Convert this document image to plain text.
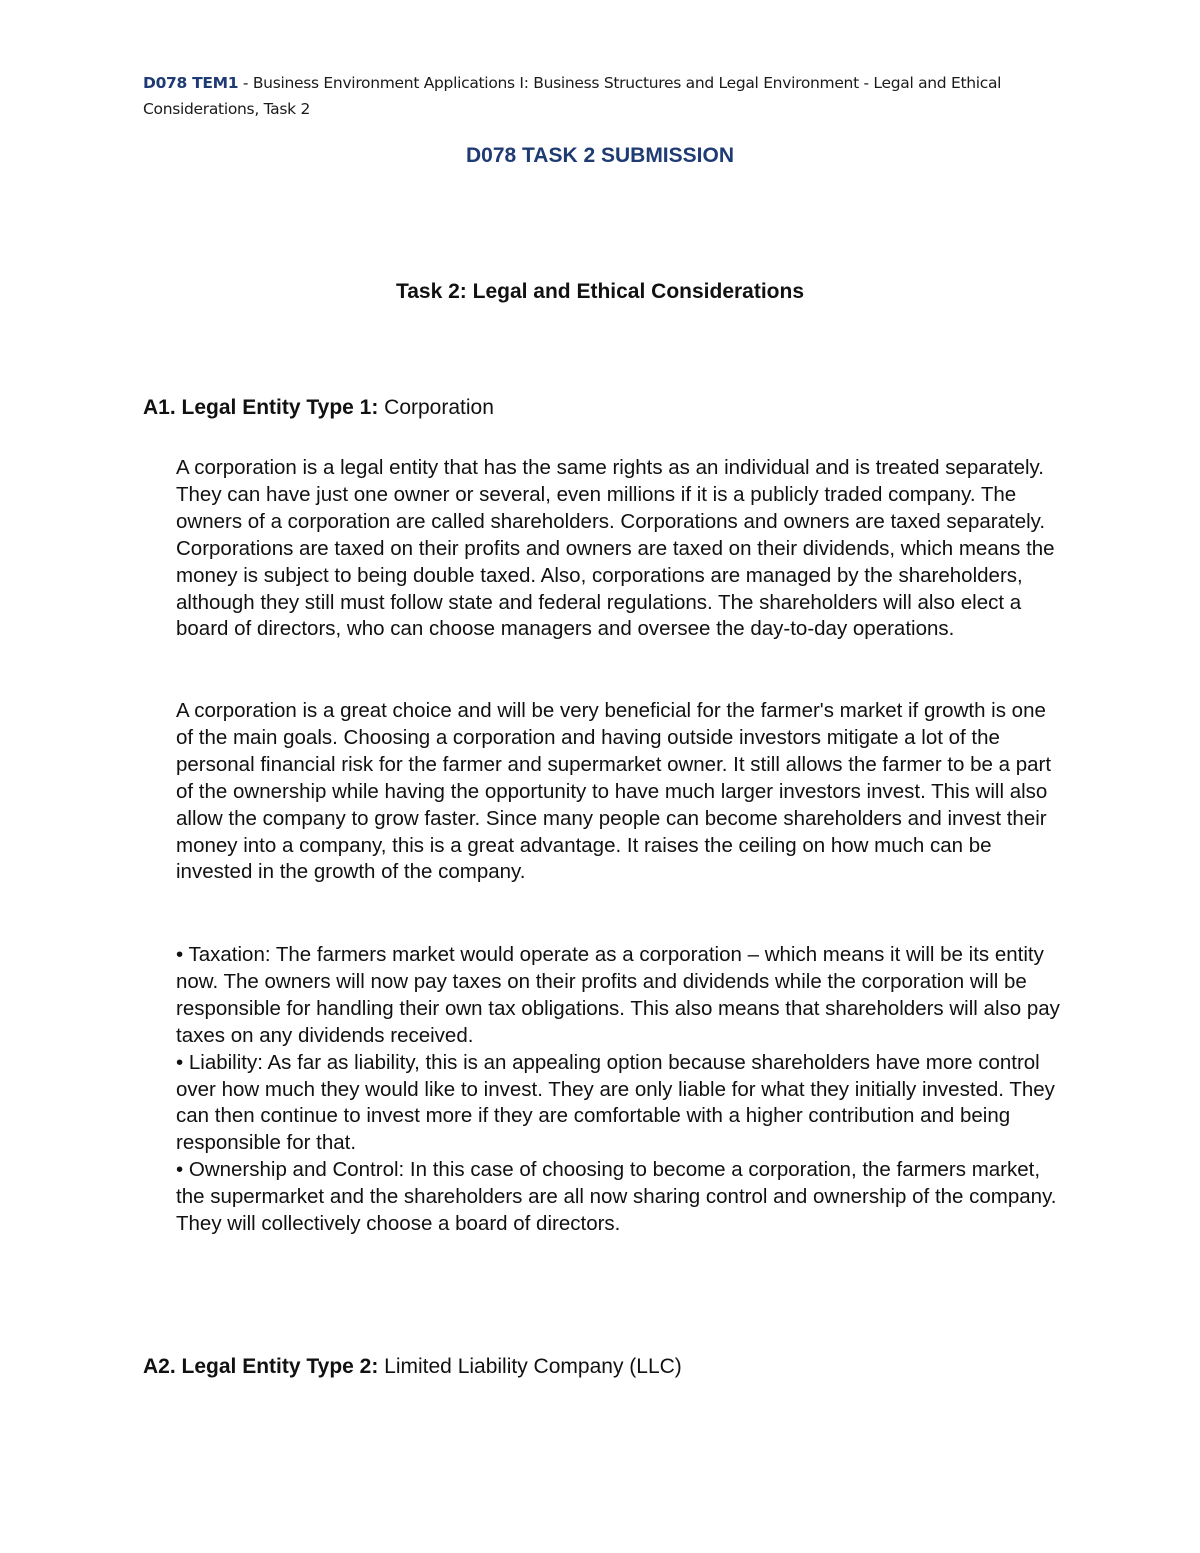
D078 TEM1 - Business Environment Applications I: Business Structures and Legal Environment - Legal and Ethical Considerations, Task 2
D078 TASK 2 SUBMISSION
Task 2: Legal and Ethical Considerations
A1. Legal Entity Type 1: Corporation

A corporation is a legal entity that has the same rights as an individual and is treated separately. They can have just one owner or several, even millions if it is a publicly traded company. The owners of a corporation are called shareholders. Corporations and owners are taxed separately. Corporations are taxed on their profits and owners are taxed on their dividends, which means the money is subject to being double taxed. Also, corporations are managed by the shareholders, although they still must follow state and federal regulations. The shareholders will also elect a board of directors, who can choose managers and oversee the day-to-day operations.

A corporation is a great choice and will be very beneficial for the farmer's market if growth is one of the main goals. Choosing a corporation and having outside investors mitigate a lot of the personal financial risk for the farmer and supermarket owner. It still allows the farmer to be a part of the ownership while having the opportunity to have much larger investors invest. This will also allow the company to grow faster. Since many people can become shareholders and invest their money into a company, this is a great advantage. It raises the ceiling on how much can be invested in the growth of the company.

• Taxation: The farmers market would operate as a corporation – which means it will be its entity now. The owners will now pay taxes on their profits and dividends while the corporation will be responsible for handling their own tax obligations. This also means that shareholders will also pay taxes on any dividends received.

• Liability: As far as liability, this is an appealing option because shareholders have more control over how much they would like to invest. They are only liable for what they initially invested. They can then continue to invest more if they are comfortable with a higher contribution and being responsible for that.

• Ownership and Control: In this case of choosing to become a corporation, the farmers market, the supermarket and the shareholders are all now sharing control and ownership of the company. They will collectively choose a board of directors.

A2. Legal Entity Type 2: Limited Liability Company (LLC)
